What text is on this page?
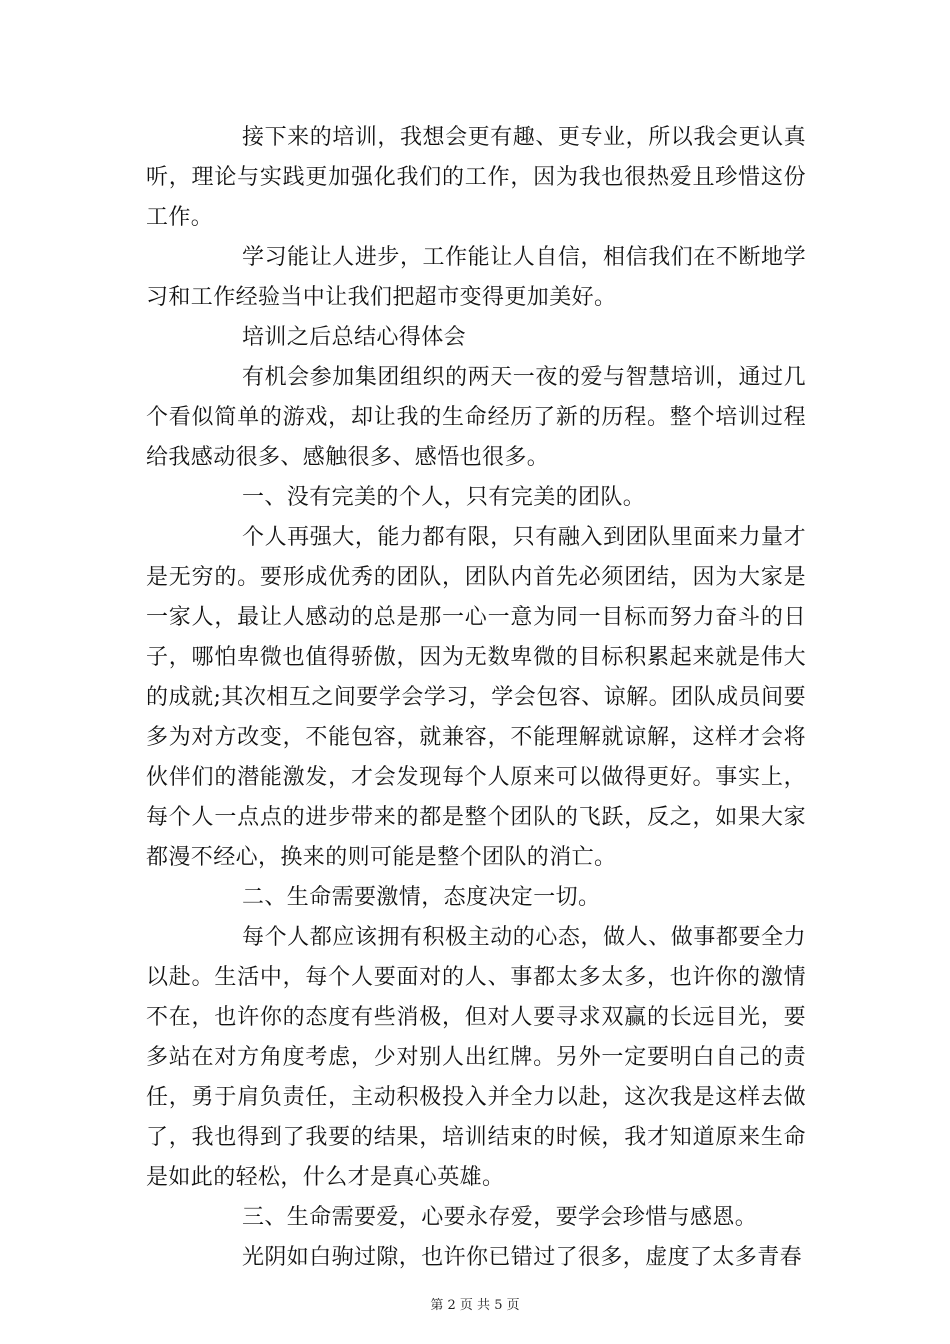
接下来的培训，我想会更有趣、更专业，所以我会更认真听，理论与实践更加强化我们的工作，因为我也很热爱且珍惜这份工作。

学习能让人进步，工作能让人自信，相信我们在不断地学习和工作经验当中让我们把超市变得更加美好。

培训之后总结心得体会

有机会参加集团组织的两天一夜的爱与智慧培训，通过几个看似简单的游戏，却让我的生命经历了新的历程。整个培训过程给我感动很多、感触很多、感悟也很多。

一、没有完美的个人，只有完美的团队。

个人再强大，能力都有限，只有融入到团队里面来力量才是无穷的。要形成优秀的团队，团队内首先必须团结，因为大家是一家人，最让人感动的总是那一心一意为同一目标而努力奋斗的日子，哪怕卑微也值得骄傲，因为无数卑微的目标积累起来就是伟大的成就;其次相互之间要学会学习，学会包容、谅解。团队成员间要多为对方改变，不能包容，就兼容，不能理解就谅解，这样才会将伙伴们的潜能激发，才会发现每个人原来可以做得更好。事实上，每个人一点点的进步带来的都是整个团队的飞跃，反之，如果大家都漫不经心，换来的则可能是整个团队的消亡。

二、生命需要激情，态度决定一切。

每个人都应该拥有积极主动的心态，做人、做事都要全力以赴。生活中，每个人要面对的人、事都太多太多，也许你的激情不在，也许你的态度有些消极，但对人要寻求双赢的长远目光，要多站在对方角度考虑，少对别人出红牌。另外一定要明白自己的责任，勇于肩负责任，主动积极投入并全力以赴，这次我是这样去做了，我也得到了我要的结果，培训结束的时候，我才知道原来生命是如此的轻松，什么才是真心英雄。

三、生命需要爱，心要永存爱，要学会珍惜与感恩。

光阴如白驹过隙，也许你已错过了很多，虚度了太多青春

第 2 页 共 5 页
